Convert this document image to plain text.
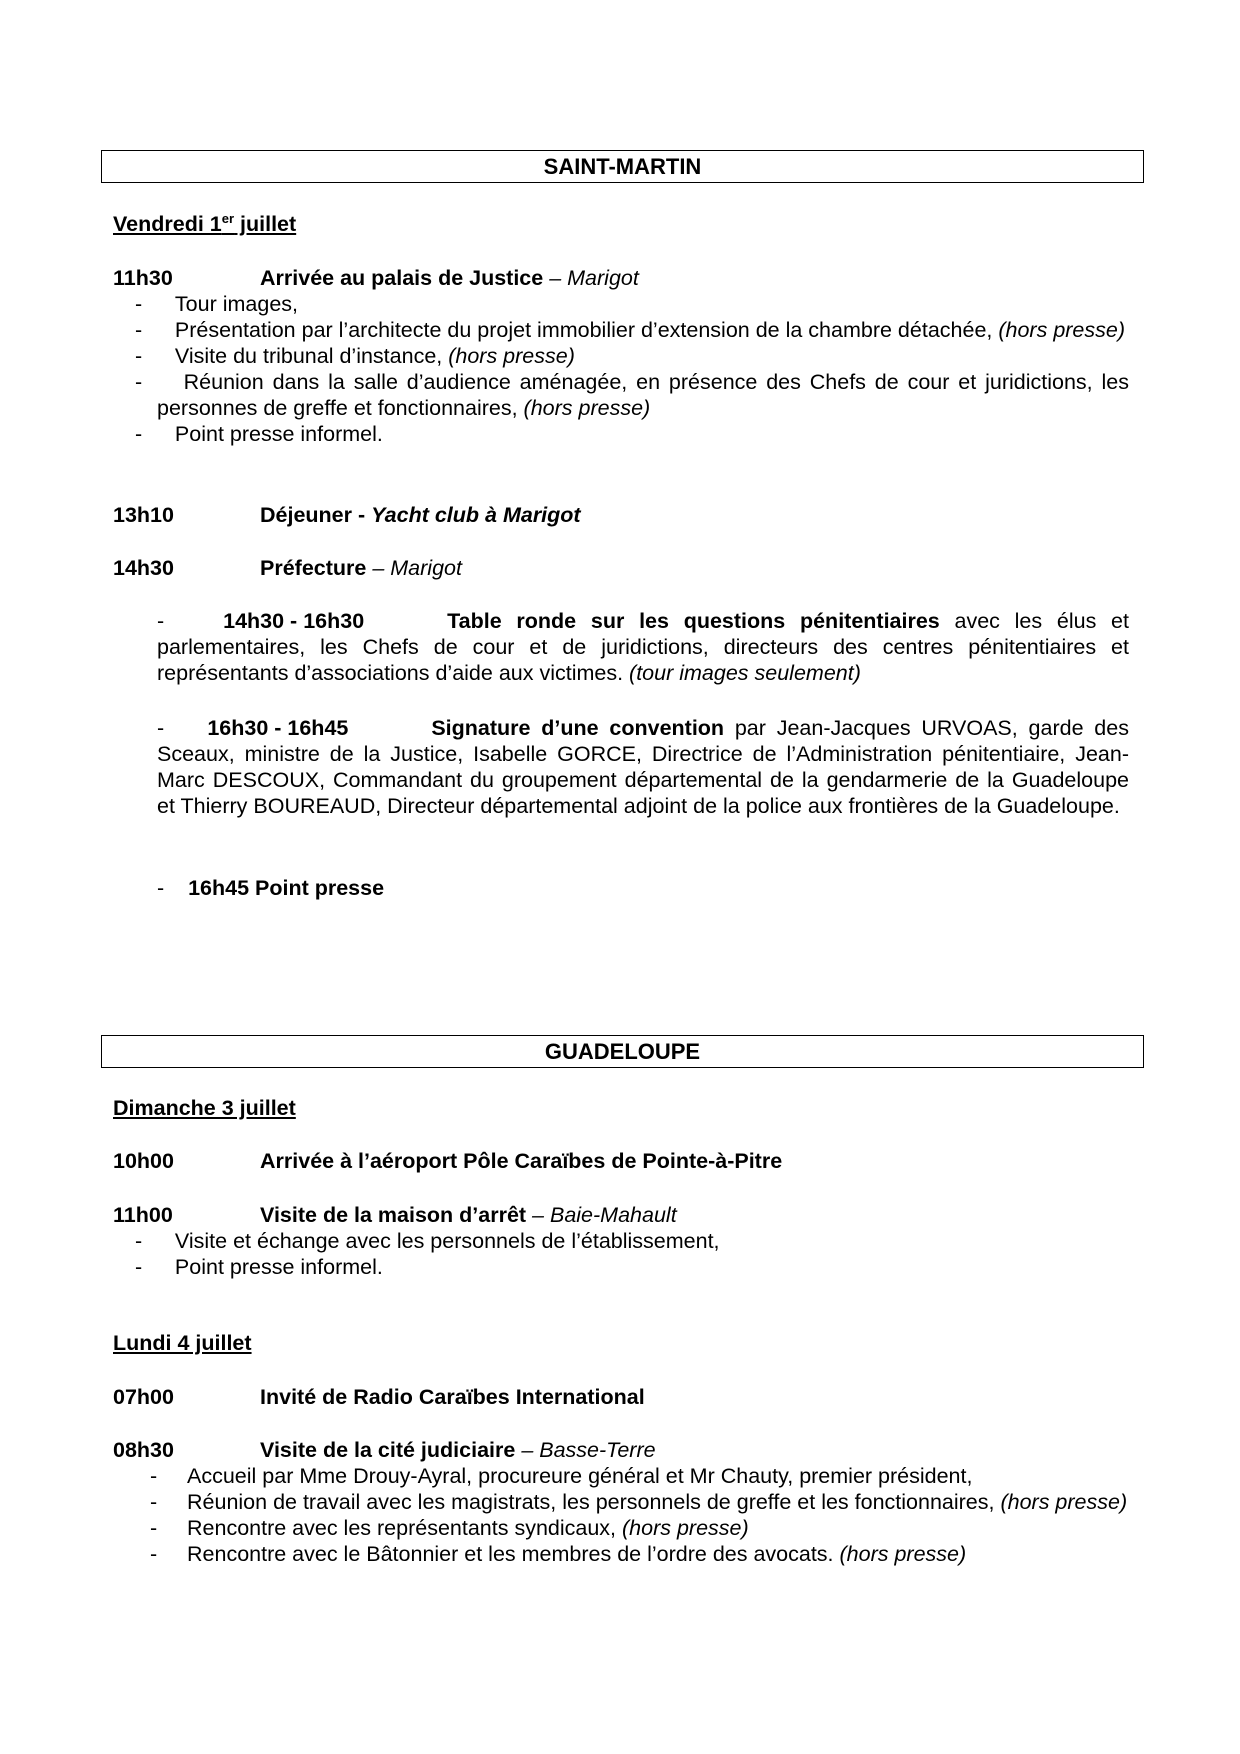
SAINT-MARTIN
Vendredi 1er juillet
11h30	Arrivée au palais de Justice – Marigot
- Tour images,
- Présentation par l’architecte du projet immobilier d’extension de la chambre détachée, (hors presse)
- Visite du tribunal d’instance, (hors presse)
- Réunion dans la salle d’audience aménagée, en présence des Chefs de cour et juridictions, les personnes de greffe et fonctionnaires, (hors presse)
- Point presse informel.
13h10	Déjeuner - Yacht club à Marigot
14h30	Préfecture – Marigot
-	14h30 - 16h30	Table ronde sur les questions pénitentiaires avec les élus et parlementaires, les Chefs de cour et de juridictions, directeurs des centres pénitentiaires et représentants d’associations d’aide aux victimes. (tour images seulement)
- 16h30 - 16h45	Signature d’une convention par Jean-Jacques URVOAS, garde des Sceaux, ministre de la Justice, Isabelle GORCE, Directrice de l’Administration pénitentiaire, Jean-Marc DESCOUX, Commandant du groupement départemental de la gendarmerie de la Guadeloupe et Thierry BOUREAUD, Directeur départemental adjoint de la police aux frontières de la Guadeloupe.
- 16h45 Point presse
GUADELOUPE
Dimanche 3 juillet
10h00	Arrivée à l’aéroport Pôle Caraïbes de Pointe-à-Pitre
11h00	Visite de la maison d’arrêt – Baie-Mahault
- Visite et échange avec les personnels de l’établissement,
- Point presse informel.
Lundi 4 juillet
07h00	Invité de Radio Caraïbes International
08h30	Visite de la cité judiciaire – Basse-Terre
- Accueil par Mme Drouy-Ayral, procureure général et Mr Chauty, premier président,
- Réunion de travail avec les magistrats, les personnels de greffe et les fonctionnaires, (hors presse)
- Rencontre avec les représentants syndicaux, (hors presse)
- Rencontre avec le Bâtonnier et les membres de l’ordre des avocats. (hors presse)
